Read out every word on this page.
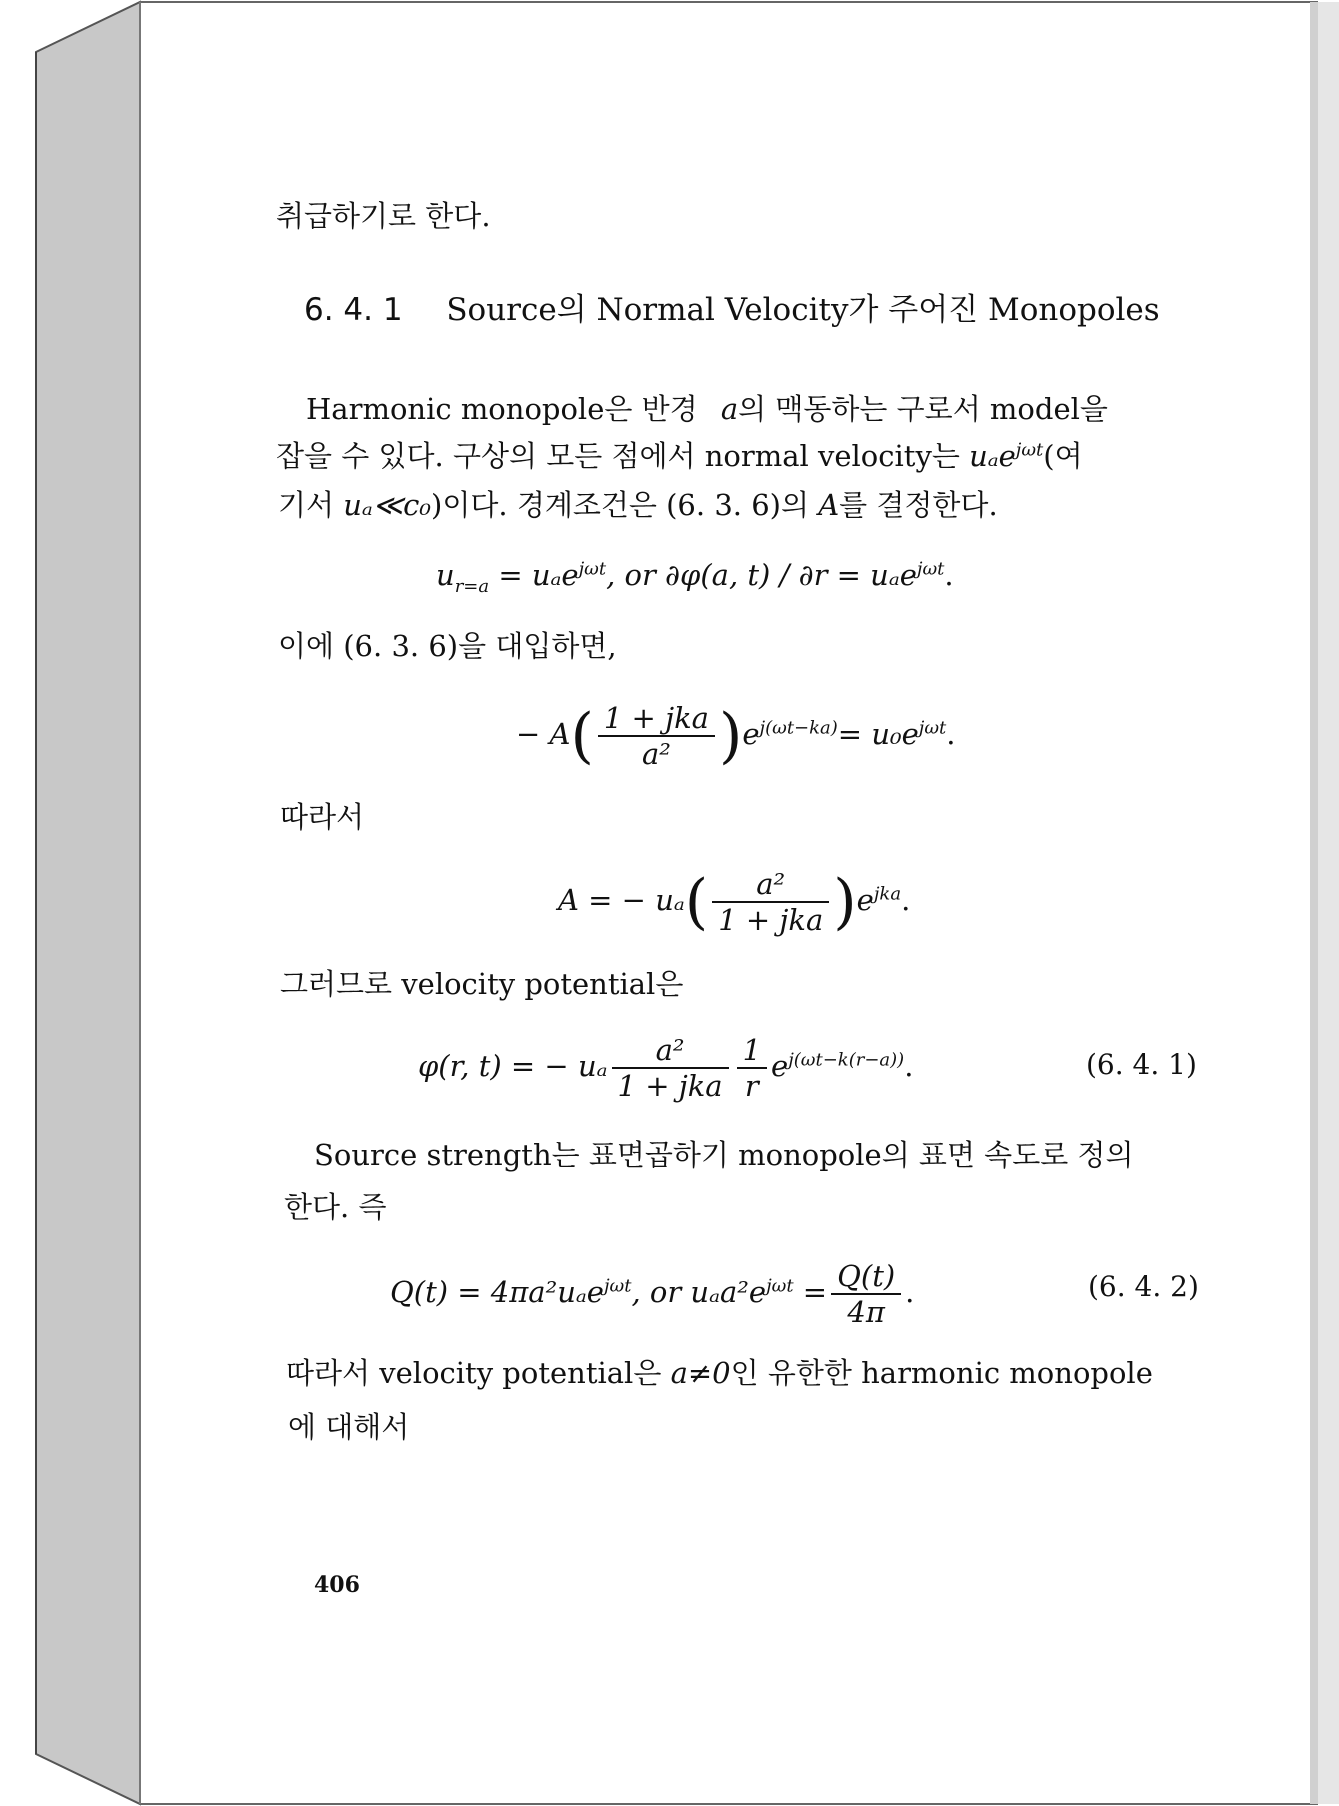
취급하기로 한다.
6. 4. 1 Source의 Normal Velocity가 주어진 Monopoles
Harmonic monopole은 반경 a의 맥동하는 구로서 model을
잡을 수 있다. 구상의 모든 점에서 normal velocity는 uₐe$^{j\omega t}$(여
기서 uₐ≪c₀)이다. 경계조건은 (6. 3. 6)의 A를 결정한다.
$u_{r=a} = u_ae^{j\omega t}$, or ∂φ(a, t) / ∂r = uₐe$^{j\omega t}$.
이에 (6. 3. 6)을 대입하면,
− $A( \frac{\text{1 + jka}}{\text{a²}} )e^{j(\omega t-ka)}= u_0e^{j\omega t}$.
따라서
A = − $u_a( \frac{\text{a²}}{\text{1 + jka}} )e^{jka}$.
그러므로 velocity potential은
φ(r, t) = − uₐ $\frac{\text{a²}}{\text{1 + jka}} \frac{1}{r} e^{j(\omega t-k(r-a))}$.	(6. 4. 1)
Source strength는 표면곱하기 monopole의 표면 속도로 정의
한다. 즉
Q(t) = 4πa²uₐe$^{j\omega t}$, or $u_aa^2e^{j\omega t} = \frac{Q(t)}{4\pi}$ .	(6. 4. 2)
따라서 velocity potential은 a≠0인 유한한 harmonic monopole
에 대해서
406
